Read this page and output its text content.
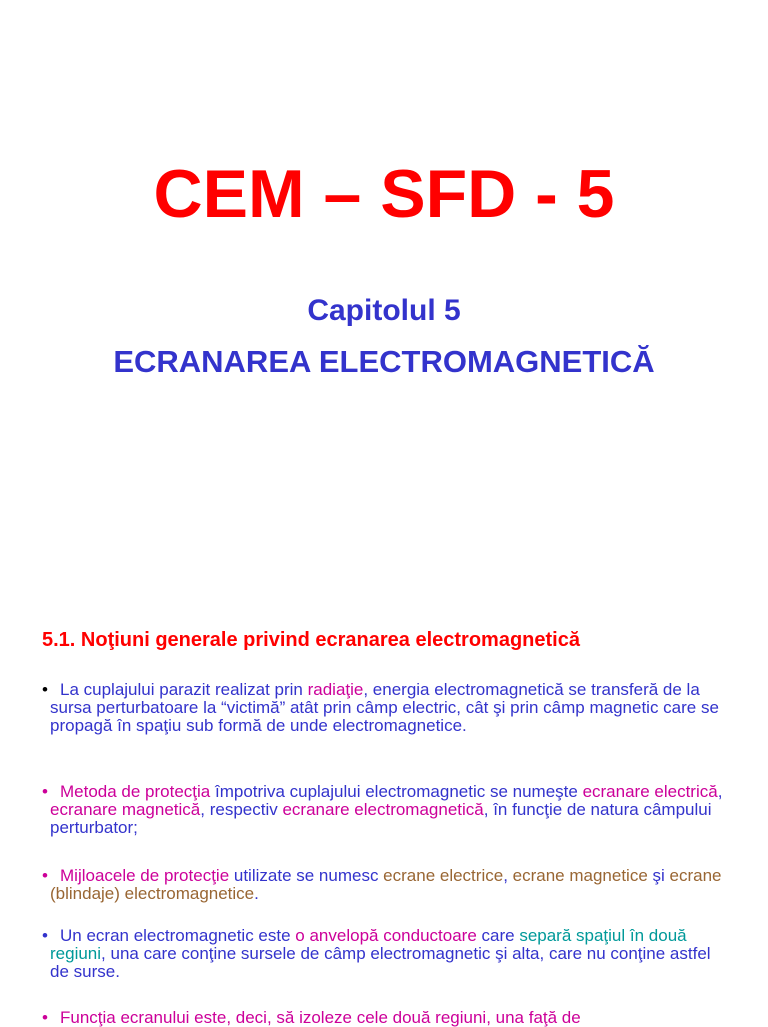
CEM – SFD - 5
Capitolul 5
ECRANAREA ELECTROMAGNETICĂ
5.1. Noţiuni generale privind ecranarea electromagnetică
• La cuplajului parazit realizat prin radiaţie, energia electromagnetică se transferă de la sursa perturbatoare la “victimă” atât prin câmp electric, cât şi prin câmp magnetic care se propagă în spaţiu sub formă de unde electromagnetice.
• Metoda de protecţia împotriva cuplajului electromagnetic se numeşte ecranare electrică, ecranare magnetică, respectiv ecranare electromagnetică, în funcţie de natura câmpului perturbator;
• Mijloacele de protecţie utilizate se numesc ecrane electrice, ecrane magnetice şi ecrane (blindaje) electromagnetice.
• Un ecran electromagnetic este o anvelopă conductoare care separă spaţiul în două regiuni, una care conţine sursele de câmp electromagnetic şi alta, care nu conţine astfel de surse.
• Funcţia ecranului este, deci, să izoleze cele două regiuni, una faţă de
